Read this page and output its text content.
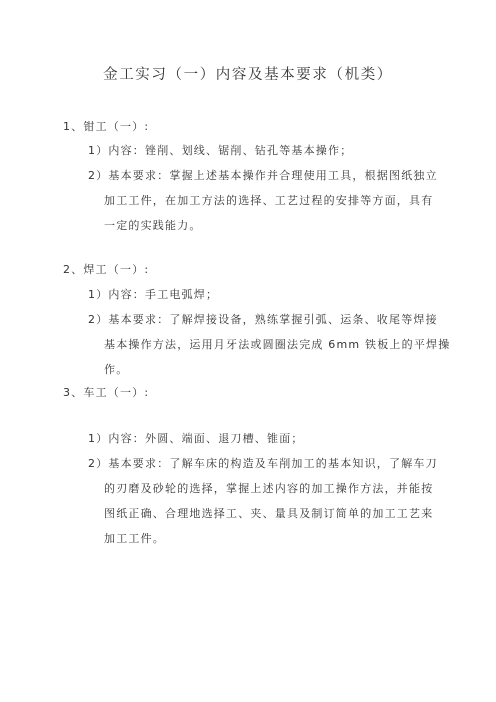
金工实习（一）内容及基本要求（机类）
1、钳工（一）:
1）内容：锉削、划线、锯削、钻孔等基本操作；
2）基本要求：掌握上述基本操作并合理使用工具，根据图纸独立
加工工件，在加工方法的选择、工艺过程的安排等方面，具有
一定的实践能力。
2、焊工（一）:
1）内容：手工电弧焊；
2）基本要求：了解焊接设备，熟练掌握引弧、运条、收尾等焊接
基本操作方法，运用月牙法或圆圈法完成 6mm 铁板上的平焊操
作。
3、车工（一）:
1）内容：外圆、端面、退刀槽、锥面；
2）基本要求：了解车床的构造及车削加工的基本知识，了解车刀
的刃磨及砂轮的选择，掌握上述内容的加工操作方法，并能按
图纸正确、合理地选择工、夹、量具及制订简单的加工工艺来
加工工件。
